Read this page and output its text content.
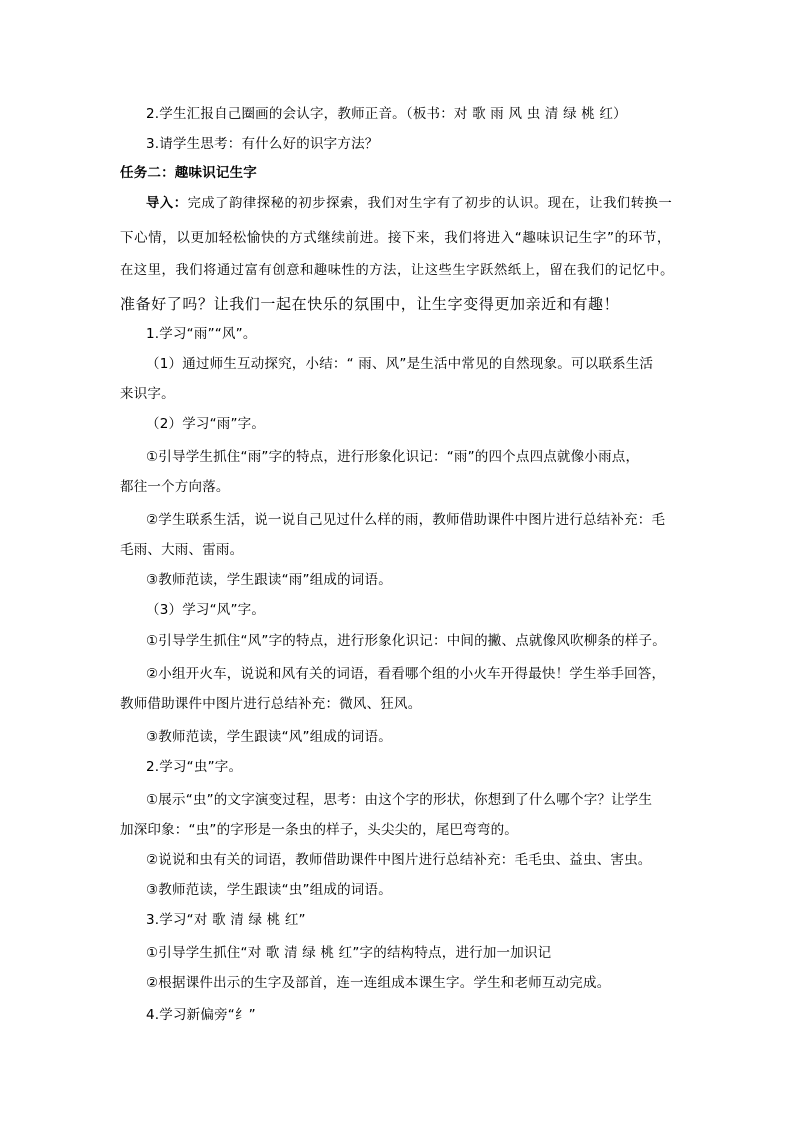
2.学生汇报自己圈画的会认字，教师正音。（板书：对 歌 雨 风 虫 清 绿 桃 红）

3.请学生思考：有什么好的识字方法？

任务二：趣味识记生字

导入：完成了韵律探秘的初步探索，我们对生字有了初步的认识。现在，让我们转换一

下心情，以更加轻松愉快的方式继续前进。接下来，我们将进入“趣味识记生字”的环节，

在这里，我们将通过富有创意和趣味性的方法，让这些生字跃然纸上，留在我们的记忆中。

准备好了吗？让我们一起在快乐的氛围中，让生字变得更加亲近和有趣！

1.学习“雨”“风”。

（1）通过师生互动探究，小结：“ 雨、风”是生活中常见的自然现象。可以联系生活

来识字。

（2）学习“雨”字。

①引导学生抓住“雨”字的特点，进行形象化识记：“雨”的四个点四点就像小雨点，

都往一个方向落。

②学生联系生活，说一说自己见过什么样的雨，教师借助课件中图片进行总结补充：毛

毛雨、大雨、雷雨。

③教师范读，学生跟读“雨”组成的词语。

（3）学习“风”字。

①引导学生抓住“风”字的特点，进行形象化识记：中间的撇、点就像风吹柳条的样子。

②小组开火车，说说和风有关的词语，看看哪个组的小火车开得最快！学生举手回答，

教师借助课件中图片进行总结补充：微风、狂风。

③教师范读，学生跟读“风”组成的词语。

2.学习“虫”字。

①展示“虫”的文字演变过程，思考：由这个字的形状，你想到了什么哪个字？让学生

加深印象：“虫”的字形是一条虫的样子，头尖尖的，尾巴弯弯的。

②说说和虫有关的词语，教师借助课件中图片进行总结补充：毛毛虫、益虫、害虫。

③教师范读，学生跟读“虫”组成的词语。

3.学习“对 歌 清 绿 桃 红”

①引导学生抓住“对 歌 清 绿 桃 红”字的结构特点，进行加一加识记

②根据课件出示的生字及部首，连一连组成本课生字。学生和老师互动完成。

4.学习新偏旁“纟”
